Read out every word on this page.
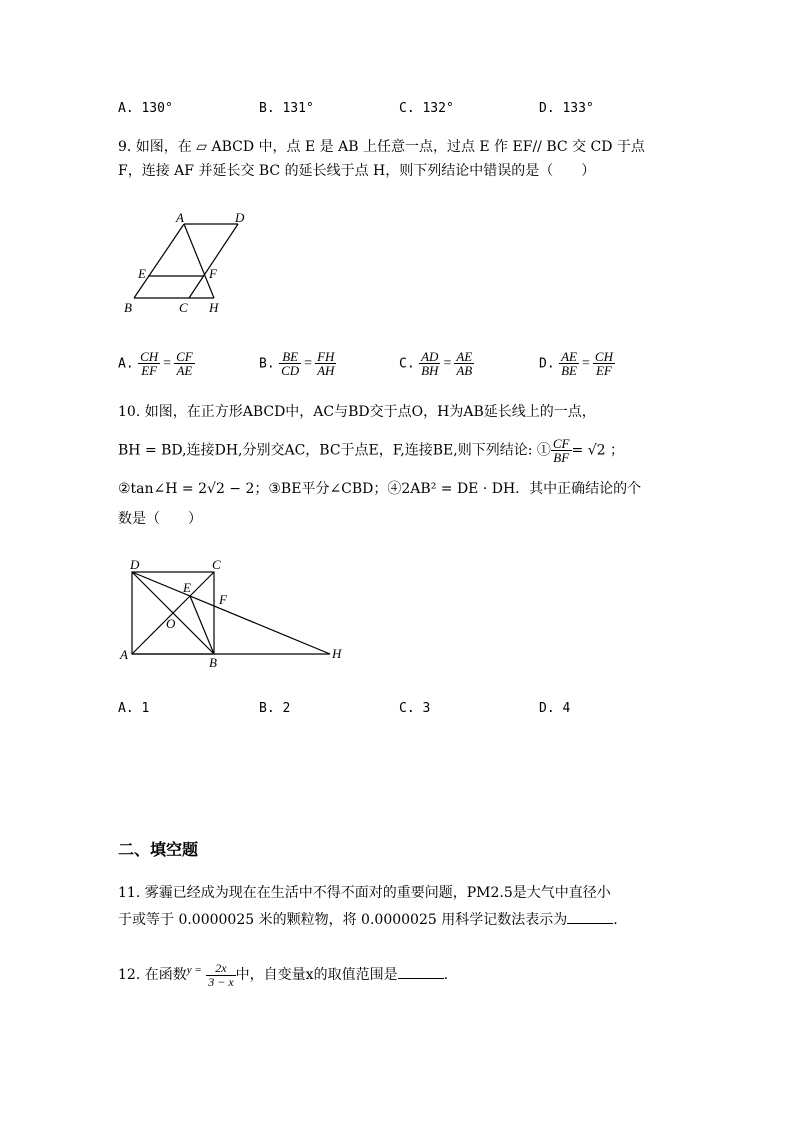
A. 130°	B. 131°	C. 132°	D. 133°
9. 如图，在 ▱ ABCD 中，点 E 是 AB 上任意一点，过点 E 作 EF// BC 交 CD 于点
F，连接 AF 并延长交 BC 的延长线于点 H，则下列结论中错误的是（　　）
A	D
E	F
B	C H
A. $\frac{CH}{EF} = \frac{CF}{AE}$	B. $\frac{BE}{CD} = \frac{FH}{AH}$	C. $\frac{AD}{BH} = \frac{AE}{AB}$	D. $\frac{AE}{BE} = \frac{CH}{EF}$
10. 如图，在正方形ABCD中，AC与BD交于点O，H为AB延长线上的一点，
BH = BD,连接DH,分别交AC，BC于点E，F,连接BE,则下列结论: ① $\frac{CF}{BF} = √2$ ；
②tan∠H = 2√2 − 2；③BE平分∠CBD；④2AB² = DE · DH．其中正确结论的个
数是（　　）
D	C
E
F
O
A
B
H
A. 1	B. 2	C. 3	D. 4
二、填空题
11. 雾霾已经成为现在在生活中不得不面对的重要问题，PM2.5是大气中直径小
于或等于 0.0000025 米的颗粒物，将 0.0000025 用科学记数法表示为	.
12. 在函数$^{y =} \frac{2x}{3 - x}$ 中，自变量x的取值范围是	.
